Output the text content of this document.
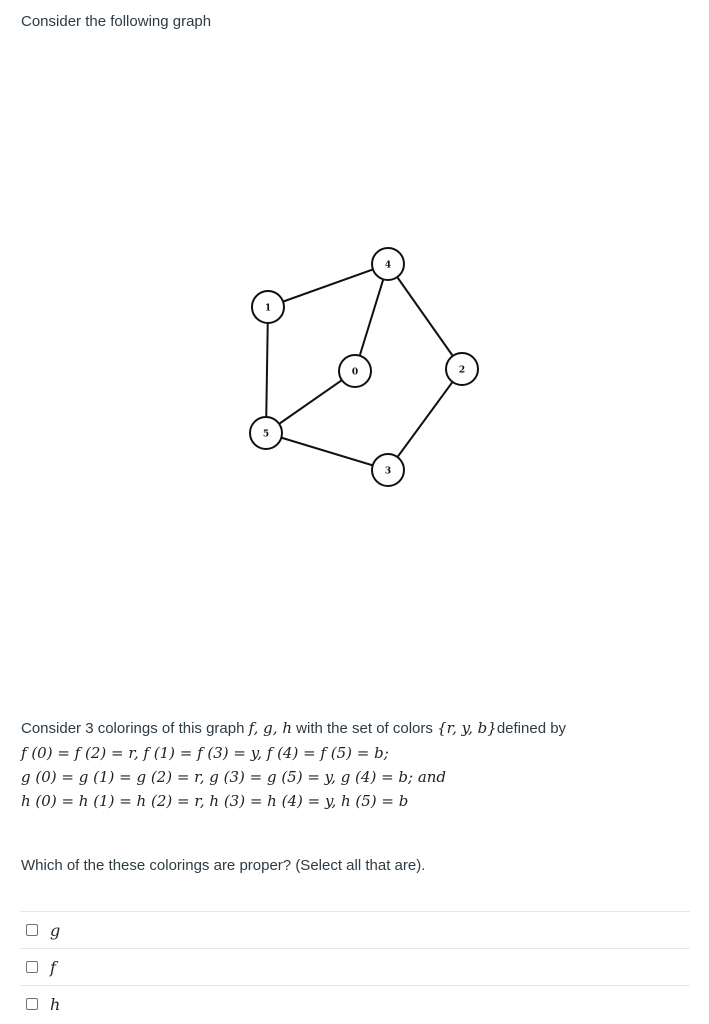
Consider the following graph
4
1
0	2
5
3
Consider 3 colorings of this graph f, g, h with the set of colors {r, y, b}defined by
f (0) = f (2) = r, f (1) = f (3) = y, f (4) = f (5) = b;
g (0) = g (1) = g (2) = r, g (3) = g (5) = y, g (4) = b; and
h (0) = h (1) = h (2) = r, h (3) = h (4) = y, h (5) = b
Which of the these colorings are proper? (Select all that are).
g
f
h
